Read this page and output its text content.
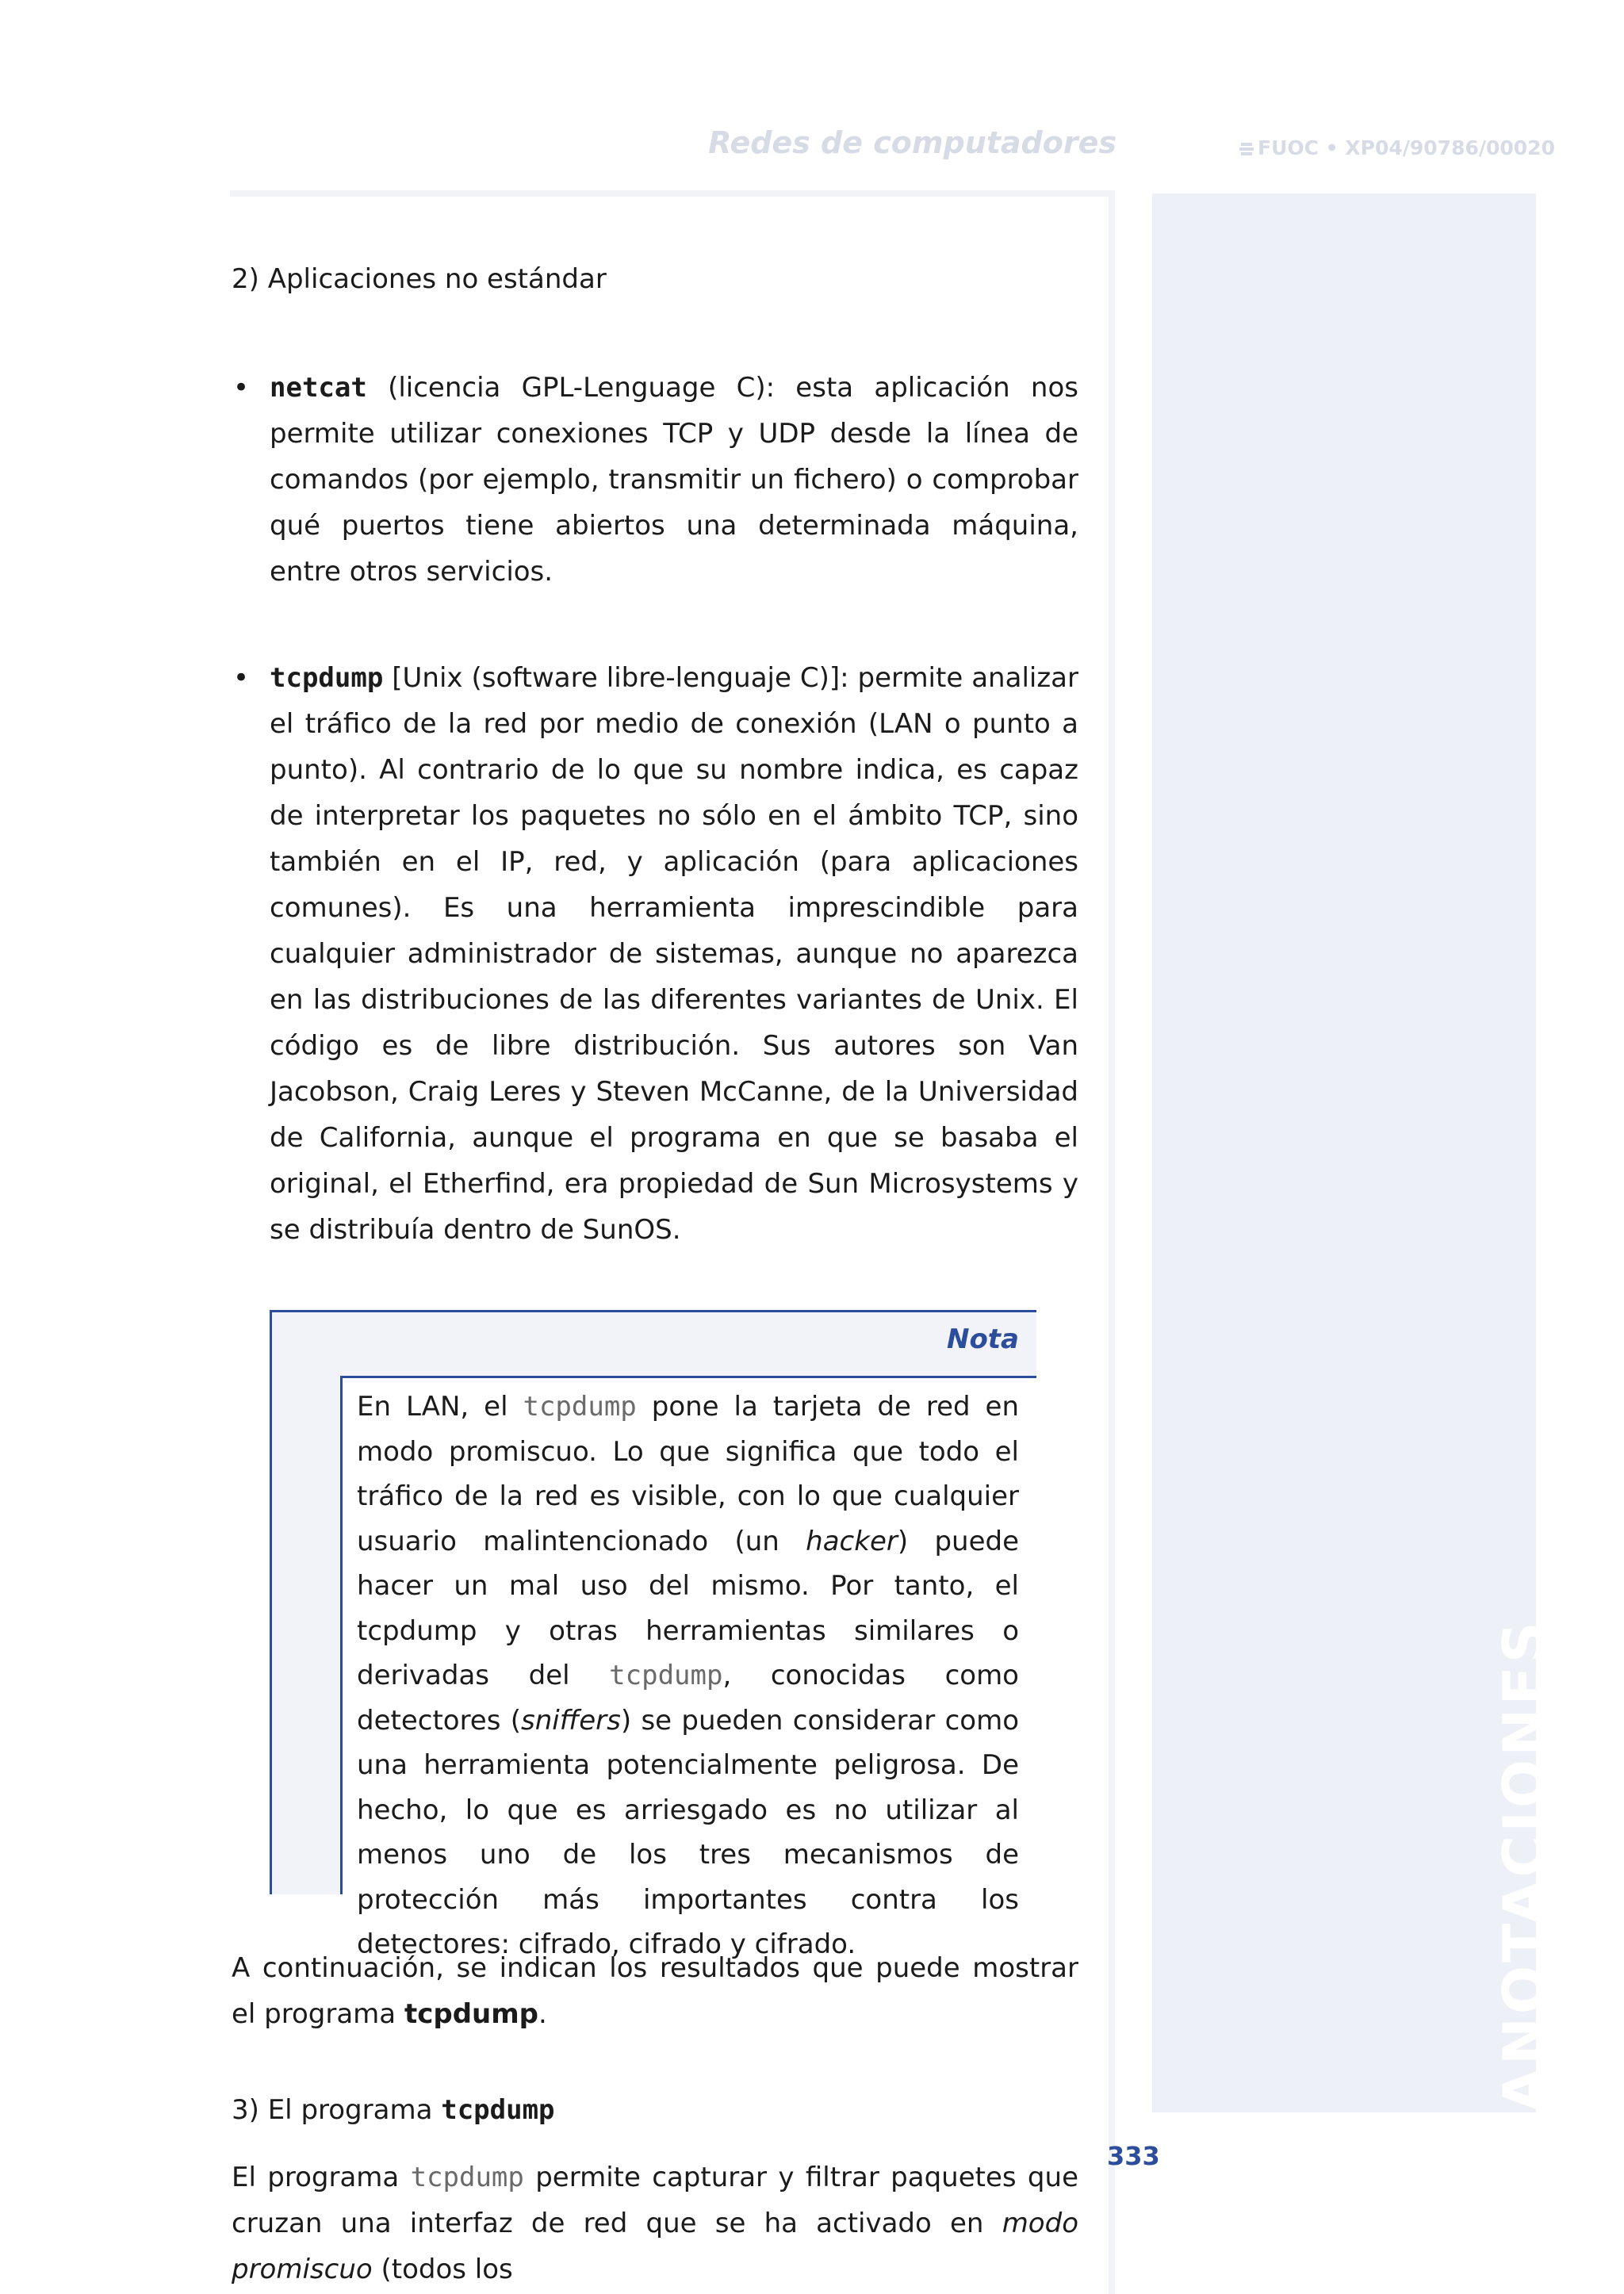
Redes de computadores	FUOC • XP04/90786/00020
ANOTACIONES
2) Aplicaciones no estándar
• netcat (licencia GPL-Lenguage C): esta aplicación nos permite utilizar conexiones TCP y UDP desde la línea de comandos (por ejemplo, transmitir un fichero) o comprobar qué puertos tiene abiertos una determinada máquina, entre otros servicios.
• tcpdump [Unix (software libre-lenguaje C)]: permite analizar el tráfico de la red por medio de conexión (LAN o punto a punto). Al contrario de lo que su nombre indica, es capaz de interpretar los paquetes no sólo en el ámbito TCP, sino también en el IP, red, y aplicación (para aplicaciones comunes). Es una herramienta imprescindible para cualquier administrador de sistemas, aunque no aparezca en las distribuciones de las diferentes variantes de Unix. El código es de libre distribución. Sus autores son Van Jacobson, Craig Leres y Steven McCanne, de la Universidad de California, aunque el programa en que se basaba el original, el Etherfind, era propiedad de Sun Microsystems y se distribuía dentro de SunOS.
Nota
En LAN, el tcpdump pone la tarjeta de red en modo promiscuo. Lo que significa que todo el tráfico de la red es visible, con lo que cualquier usuario malintencionado (un hacker) puede hacer un mal uso del mismo. Por tanto, el tcpdump y otras herramientas similares o derivadas del tcpdump, conocidas como detectores (sniffers) se pueden considerar como una herramienta potencialmente peligrosa. De hecho, lo que es arriesgado es no utilizar al menos uno de los tres mecanismos de protección más importantes contra los detectores: cifrado, cifrado y cifrado.
A continuación, se indican los resultados que puede mostrar el programa tcpdump.
3) El programa tcpdump
El programa tcpdump permite capturar y filtrar paquetes que cruzan una interfaz de red que se ha activado en modo promiscuo (todos los
333
